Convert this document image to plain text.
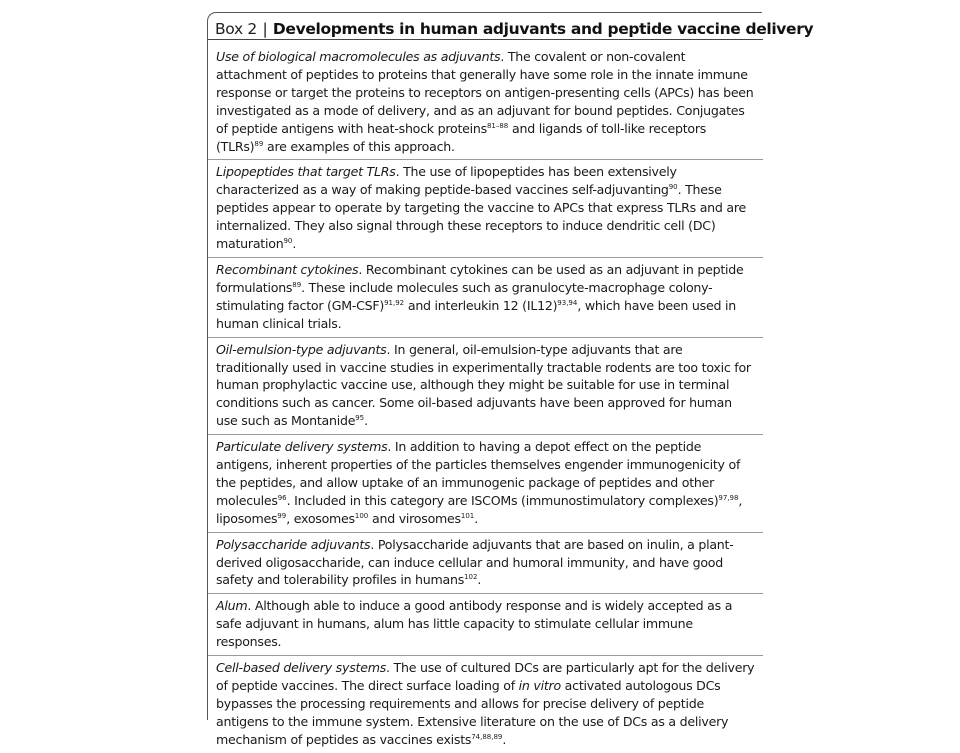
Box 2 | Developments in human adjuvants and peptide vaccine delivery

Use of biological macromolecules as adjuvants. The covalent or non-covalent attachment of peptides to proteins that generally have some role in the innate immune response or target the proteins to receptors on antigen-presenting cells (APCs) has been investigated as a mode of delivery, and as an adjuvant for bound peptides. Conjugates of peptide antigens with heat-shock proteins$^{81-88}$ and ligands of toll-like receptors (TLRs)$^{89}$ are examples of this approach.

Lipopeptides that target TLRs. The use of lipopeptides has been extensively characterized as a way of making peptide-based vaccines self-adjuvanting$^{90}$. These peptides appear to operate by targeting the vaccine to APCs that express TLRs and are internalized. They also signal through these receptors to induce dendritic cell (DC) maturation$^{90}$.

Recombinant cytokines. Recombinant cytokines can be used as an adjuvant in peptide formulations$^{89}$. These include molecules such as granulocyte-macrophage colony-stimulating factor (GM-CSF)$^{91,92}$ and interleukin 12 (IL12)$^{93,94}$, which have been used in human clinical trials.

Oil-emulsion-type adjuvants. In general, oil-emulsion-type adjuvants that are traditionally used in vaccine studies in experimentally tractable rodents are too toxic for human prophylactic vaccine use, although they might be suitable for use in terminal conditions such as cancer. Some oil-based adjuvants have been approved for human use such as Montanide$^{95}$.

Particulate delivery systems. In addition to having a depot effect on the peptide antigens, inherent properties of the particles themselves engender immunogenicity of the peptides, and allow uptake of an immunogenic package of peptides and other molecules$^{96}$. Included in this category are ISCOMs (immunostimulatory complexes)$^{97,98}$, liposomes$^{99}$, exosomes$^{100}$ and virosomes$^{101}$.

Polysaccharide adjuvants. Polysaccharide adjuvants that are based on inulin, a plant-derived oligosaccharide, can induce cellular and humoral immunity, and have good safety and tolerability profiles in humans$^{102}$.

Alum. Although able to induce a good antibody response and is widely accepted as a safe adjuvant in humans, alum has little capacity to stimulate cellular immune responses.

Cell-based delivery systems. The use of cultured DCs are particularly apt for the delivery of peptide vaccines. The direct surface loading of in vitro activated autologous DCs bypasses the processing requirements and allows for precise delivery of peptide antigens to the immune system. Extensive literature on the use of DCs as a delivery mechanism of peptides as vaccines exists$^{74,88,89}$.
